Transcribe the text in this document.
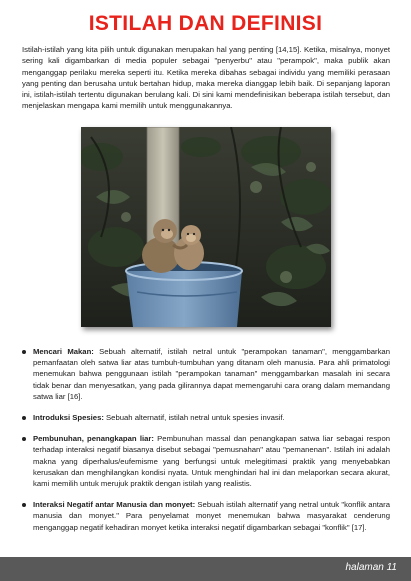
ISTILAH DAN DEFINISI

Istilah-istilah yang kita pilih untuk digunakan merupakan hal yang penting [14,15]. Ketika, misalnya, monyet sering kali digambarkan di media populer sebagai "penyerbu" atau "perampok", maka publik akan menganggap perilaku mereka seperti itu. Ketika mereka dibahas sebagai individu yang memiliki perasaan yang penting dan berusaha untuk bertahan hidup, maka mereka dianggap lebih baik. Di sepanjang laporan ini, istilah-istilah tertentu digunakan berulang kali. Di sini kami mendefinisikan beberapa istilah tersebut, dan menjelaskan mengapa kami memilih untuk menggunakannya.

Mencari Makan: Sebuah alternatif, istilah netral untuk "perampokan tanaman", menggambarkan pemanfaatan oleh satwa liar atas tumbuh-tumbuhan yang ditanam oleh manusia. Para ahli primatologi menemukan bahwa penggunaan istilah "perampokan tanaman" menggambarkan masalah ini secara tidak benar dan menyesatkan, yang pada gilirannya dapat memengaruhi cara orang dalam memandang satwa liar [16].
Introduksi Spesies: Sebuah alternatif, istilah netral untuk spesies invasif.
Pembunuhan, penangkapan liar: Pembunuhan massal dan penangkapan satwa liar sebagai respon terhadap interaksi negatif biasanya disebut sebagai "pemusnahan" atau "pemanenan". Istilah ini adalah makna yang diperhalus/eufemisme yang berfungsi untuk melegitimasi praktik yang menyebabkan kerusakan dan menghilangkan kondisi nyata. Untuk menghindari hal ini dan melaporkan secara akurat, kami memilih untuk merujuk praktik dengan istilah yang realistis.
Interaksi Negatif antar Manusia dan monyet: Sebuah istilah alternatif yang netral untuk "konflik antara manusia dan monyet." Para penyelamat monyet menemukan bahwa masyarakat cenderung menganggap negatif kehadiran monyet ketika interaksi negatif digambarkan sebagai "konflik" [17].
halaman 11
